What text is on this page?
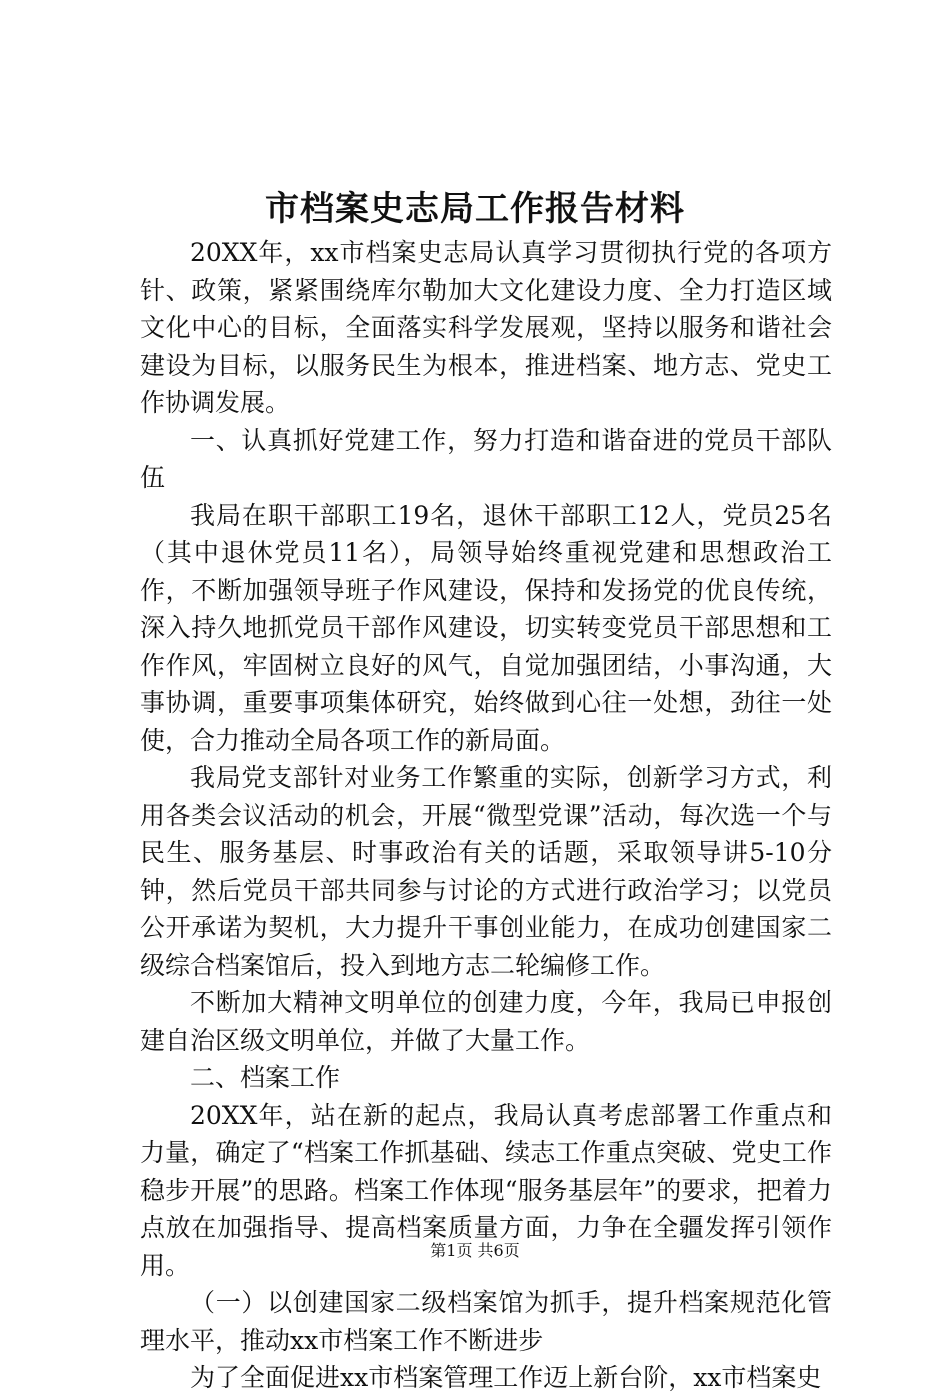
市档案史志局工作报告材料

20XX年，xx市档案史志局认真学习贯彻执行党的各项方针、政策，紧紧围绕库尔勒加大文化建设力度、全力打造区域文化中心的目标，全面落实科学发展观，坚持以服务和谐社会建设为目标，以服务民生为根本，推进档案、地方志、党史工作协调发展。

一、认真抓好党建工作，努力打造和谐奋进的党员干部队伍

我局在职干部职工19名，退休干部职工12人，党员25名（其中退休党员11名），局领导始终重视党建和思想政治工作，不断加强领导班子作风建设，保持和发扬党的优良传统，深入持久地抓党员干部作风建设，切实转变党员干部思想和工作作风，牢固树立良好的风气，自觉加强团结，小事沟通，大事协调，重要事项集体研究，始终做到心往一处想，劲往一处使，合力推动全局各项工作的新局面。

我局党支部针对业务工作繁重的实际，创新学习方式，利用各类会议活动的机会，开展“微型党课”活动，每次选一个与民生、服务基层、时事政治有关的话题，采取领导讲5-10分钟，然后党员干部共同参与讨论的方式进行政治学习；以党员公开承诺为契机，大力提升干事创业能力，在成功创建国家二级综合档案馆后，投入到地方志二轮编修工作。

不断加大精神文明单位的创建力度，今年，我局已申报创建自治区级文明单位，并做了大量工作。

二、档案工作

20XX年，站在新的起点，我局认真考虑部署工作重点和力量，确定了“档案工作抓基础、续志工作重点突破、党史工作稳步开展”的思路。档案工作体现“服务基层年”的要求，把着力点放在加强指导、提高档案质量方面，力争在全疆发挥引领作用。

（一）以创建国家二级档案馆为抓手，提升档案规范化管理水平，推动xx市档案工作不断进步

为了全面促进xx市档案管理工作迈上新台阶，xx市档案史

第1页 共6页
